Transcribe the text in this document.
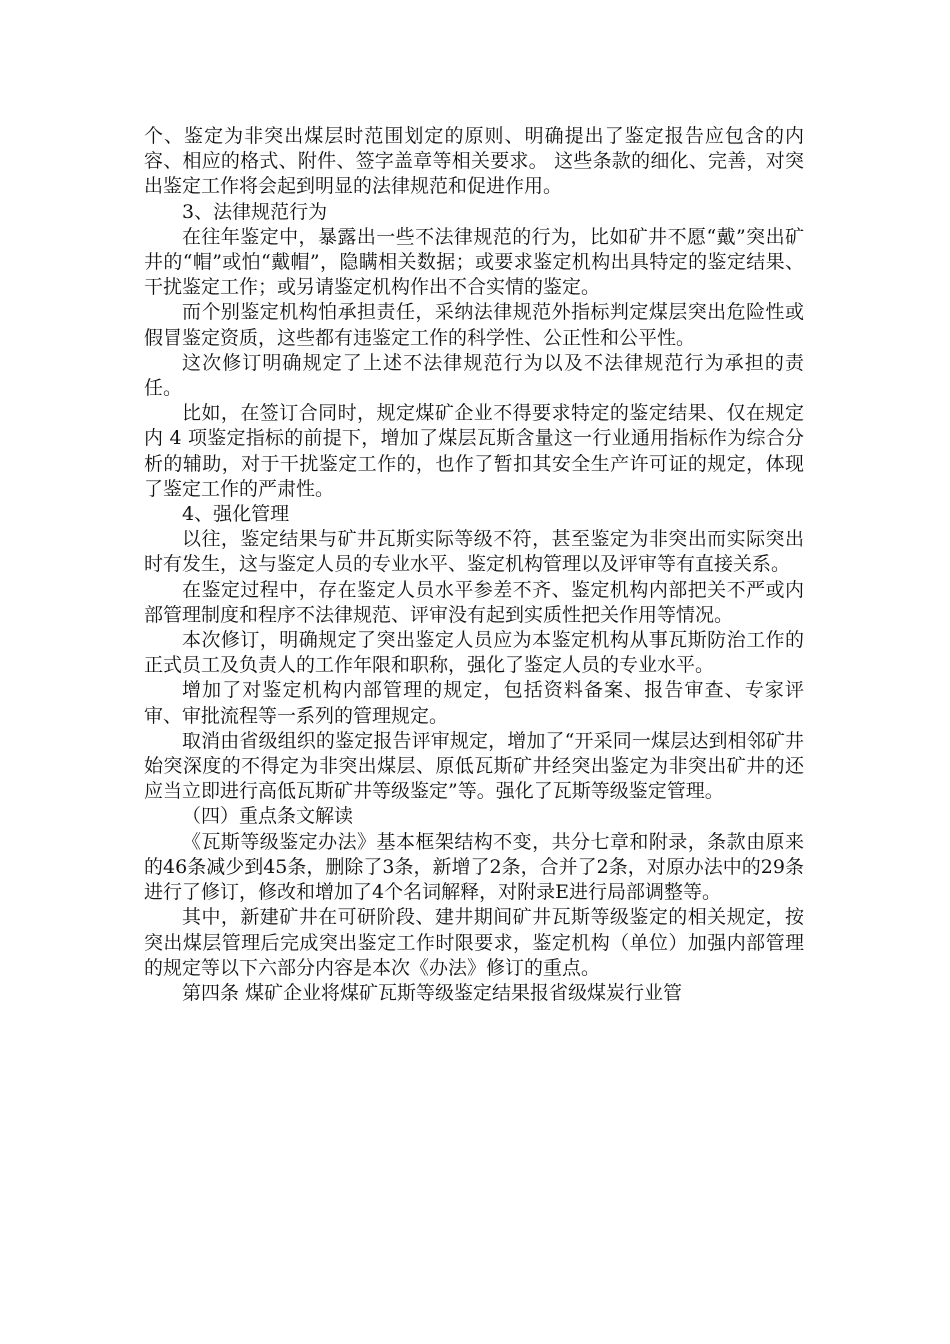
个、鉴定为非突出煤层时范围划定的原则、明确提出了鉴定报告应包含的内容、相应的格式、附件、签字盖章等相关要求。 这些条款的细化、完善，对突出鉴定工作将会起到明显的法律规范和促进作用。

3、法律规范行为

在往年鉴定中，暴露出一些不法律规范的行为，比如矿井不愿“戴”突出矿井的“帽”或怕“戴帽”，隐瞒相关数据；或要求鉴定机构出具特定的鉴定结果、干扰鉴定工作；或另请鉴定机构作出不合实情的鉴定。

而个别鉴定机构怕承担责任，采纳法律规范外指标判定煤层突出危险性或假冒鉴定资质，这些都有违鉴定工作的科学性、公正性和公平性。

这次修订明确规定了上述不法律规范行为以及不法律规范行为承担的责任。

比如，在签订合同时，规定煤矿企业不得要求特定的鉴定结果、仅在规定内 4 项鉴定指标的前提下，增加了煤层瓦斯含量这一行业通用指标作为综合分析的辅助，对于干扰鉴定工作的，也作了暂扣其安全生产许可证的规定，体现了鉴定工作的严肃性。

4、强化管理

以往，鉴定结果与矿井瓦斯实际等级不符，甚至鉴定为非突出而实际突出时有发生，这与鉴定人员的专业水平、鉴定机构管理以及评审等有直接关系。

在鉴定过程中，存在鉴定人员水平参差不齐、鉴定机构内部把关不严或内部管理制度和程序不法律规范、评审没有起到实质性把关作用等情况。

本次修订，明确规定了突出鉴定人员应为本鉴定机构从事瓦斯防治工作的正式员工及负责人的工作年限和职称，强化了鉴定人员的专业水平。

增加了对鉴定机构内部管理的规定，包括资料备案、报告审查、专家评审、审批流程等一系列的管理规定。

取消由省级组织的鉴定报告评审规定，增加了“开采同一煤层达到相邻矿井始突深度的不得定为非突出煤层、原低瓦斯矿井经突出鉴定为非突出矿井的还应当立即进行高低瓦斯矿井等级鉴定”等。强化了瓦斯等级鉴定管理。

（四）重点条文解读

《瓦斯等级鉴定办法》基本框架结构不变，共分七章和附录，条款由原来的46条减少到45条，删除了3条，新增了2条，合并了2条，对原办法中的29条进行了修订，修改和增加了4个名词解释，对附录E进行局部调整等。

其中，新建矿井在可研阶段、建井期间矿井瓦斯等级鉴定的相关规定，按突出煤层管理后完成突出鉴定工作时限要求，鉴定机构（单位）加强内部管理的规定等以下六部分内容是本次《办法》修订的重点。

第四条 煤矿企业将煤矿瓦斯等级鉴定结果报省级煤炭行业管
